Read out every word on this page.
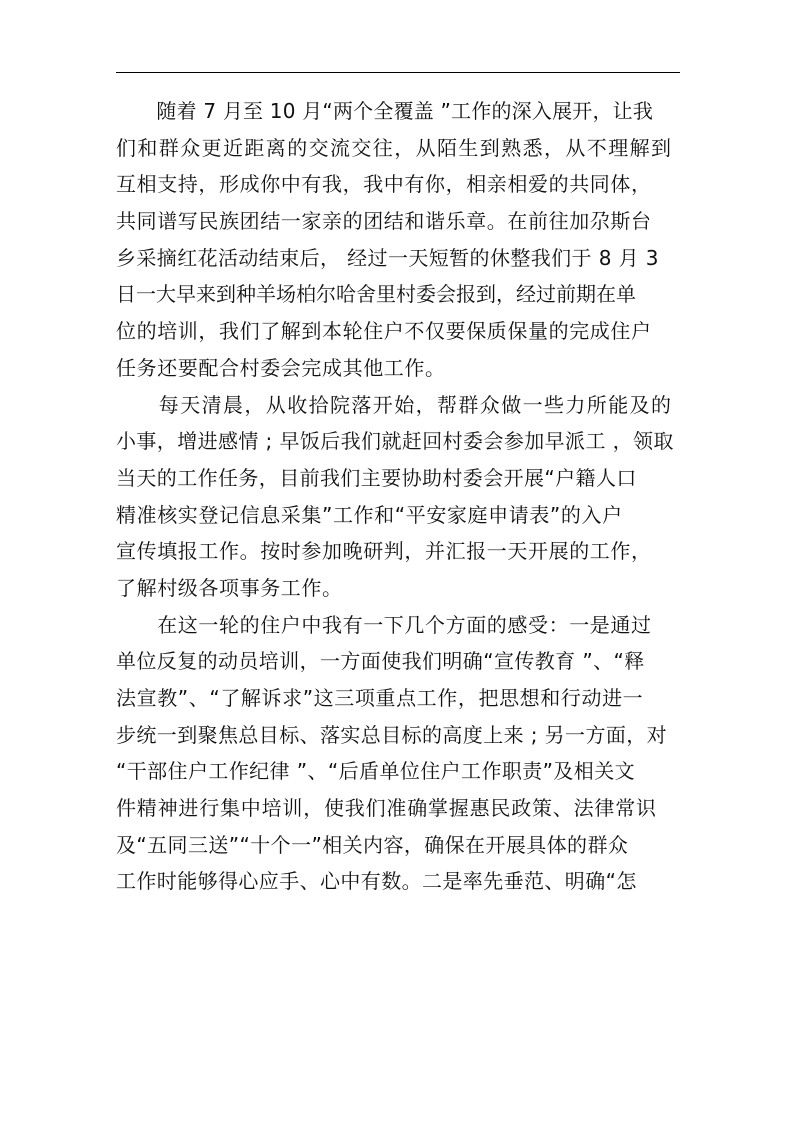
　　随着 7 月至 10 月“两个全覆盖 ”工作的深入展开，让我
们和群众更近距离的交流交往，从陌生到熟悉，从不理解到
互相支持，形成你中有我，我中有你，相亲相爱的共同体，
共同谱写民族团结一家亲的团结和谐乐章。在前往加尕斯台
乡采摘红花活动结束后， 经过一天短暂的休整我们于 8 月 3
日一大早来到种羊场柏尔哈舍里村委会报到，经过前期在单
位的培训，我们了解到本轮住户不仅要保质保量的完成住户
任务还要配合村委会完成其他工作。
　　每天清晨，从收拾院落开始，帮群众做一些力所能及的
小事，增进感情 ; 早饭后我们就赶回村委会参加早派工 ，领取
当天的工作任务，目前我们主要协助村委会开展“户籍人口
精准核实登记信息采集”工作和“平安家庭申请表”的入户
宣传填报工作。按时参加晚研判，并汇报一天开展的工作，
了解村级各项事务工作。
　　在这一轮的住户中我有一下几个方面的感受：一是通过
单位反复的动员培训，一方面使我们明确“宣传教育 ”、“释
法宣教”、“了解诉求”这三项重点工作，把思想和行动进一
步统一到聚焦总目标、落实总目标的高度上来 ; 另一方面，对
“干部住户工作纪律 ”、“后盾单位住户工作职责”及相关文
件精神进行集中培训，使我们准确掌握惠民政策、法律常识
及“五同三送”“十个一”相关内容，确保在开展具体的群众
工作时能够得心应手、心中有数。二是率先垂范、明确“怎
